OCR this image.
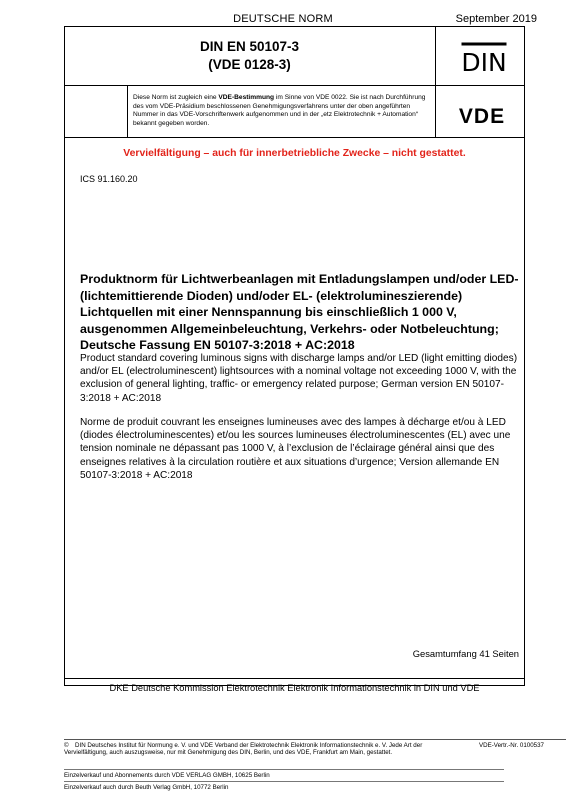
DEUTSCHE NORM	September 2019
DIN EN 50107-3
(VDE 0128-3)	DIN
VDE
Diese Norm ist zugleich eine VDE-Bestimmung im Sinne von VDE 0022. Sie ist nach Durchführung des vom VDE-Präsidium beschlossenen Genehmigungsverfahrens unter der oben angeführten Nummer in das VDE-Vorschriftenwerk aufgenommen und in der „etz Elektrotechnik + Automation“ bekannt gegeben worden.
Vervielfältigung – auch für innerbetriebliche Zwecke – nicht gestattet.
ICS 91.160.20
Produktnorm für Lichtwerbeanlagen mit Entladungslampen und/oder LED- (lichtemittierende Dioden) und/oder EL- (elektrolumineszierende) Lichtquellen mit einer Nennspannung bis einschließlich 1 000 V, ausgenommen Allgemeinbeleuchtung, Verkehrs- oder Notbeleuchtung; Deutsche Fassung EN 50107-3:2018 + AC:2018
Product standard covering luminous signs with discharge lamps and/or LED (light emitting diodes) and/or EL (electroluminescent) lightsources with a nominal voltage not exceeding 1000 V, with the exclusion of general lighting, traffic- or emergency related purpose; German version EN 50107-3:2018 + AC:2018
Norme de produit couvrant les enseignes lumineuses avec des lampes à décharge et/ou à LED (diodes électroluminescentes) et/ou les sources lumineuses électroluminescentes (EL) avec une tension nominale ne dépassant pas 1000 V, à l’exclusion de l’éclairage général ainsi que des enseignes relatives à la circulation routière et aux situations d’urgence; Version allemande EN 50107-3:2018 + AC:2018
Gesamtumfang 41 Seiten
DKE Deutsche Kommission Elektrotechnik Elektronik Informationstechnik in DIN und VDE
© DIN Deutsches Institut für Normung e. V. und VDE Verband der Elektrotechnik Elektronik Informationstechnik e. V. Jede Art der Vervielfältigung, auch auszugsweise, nur mit Genehmigung des DIN, Berlin, und des VDE, Frankfurt am Main, gestattet.
VDE-Vertr.-Nr. 0100537
Einzelverkauf und Abonnements durch VDE VERLAG GMBH, 10625 Berlin
Einzelverkauf auch durch Beuth Verlag GmbH, 10772 Berlin
